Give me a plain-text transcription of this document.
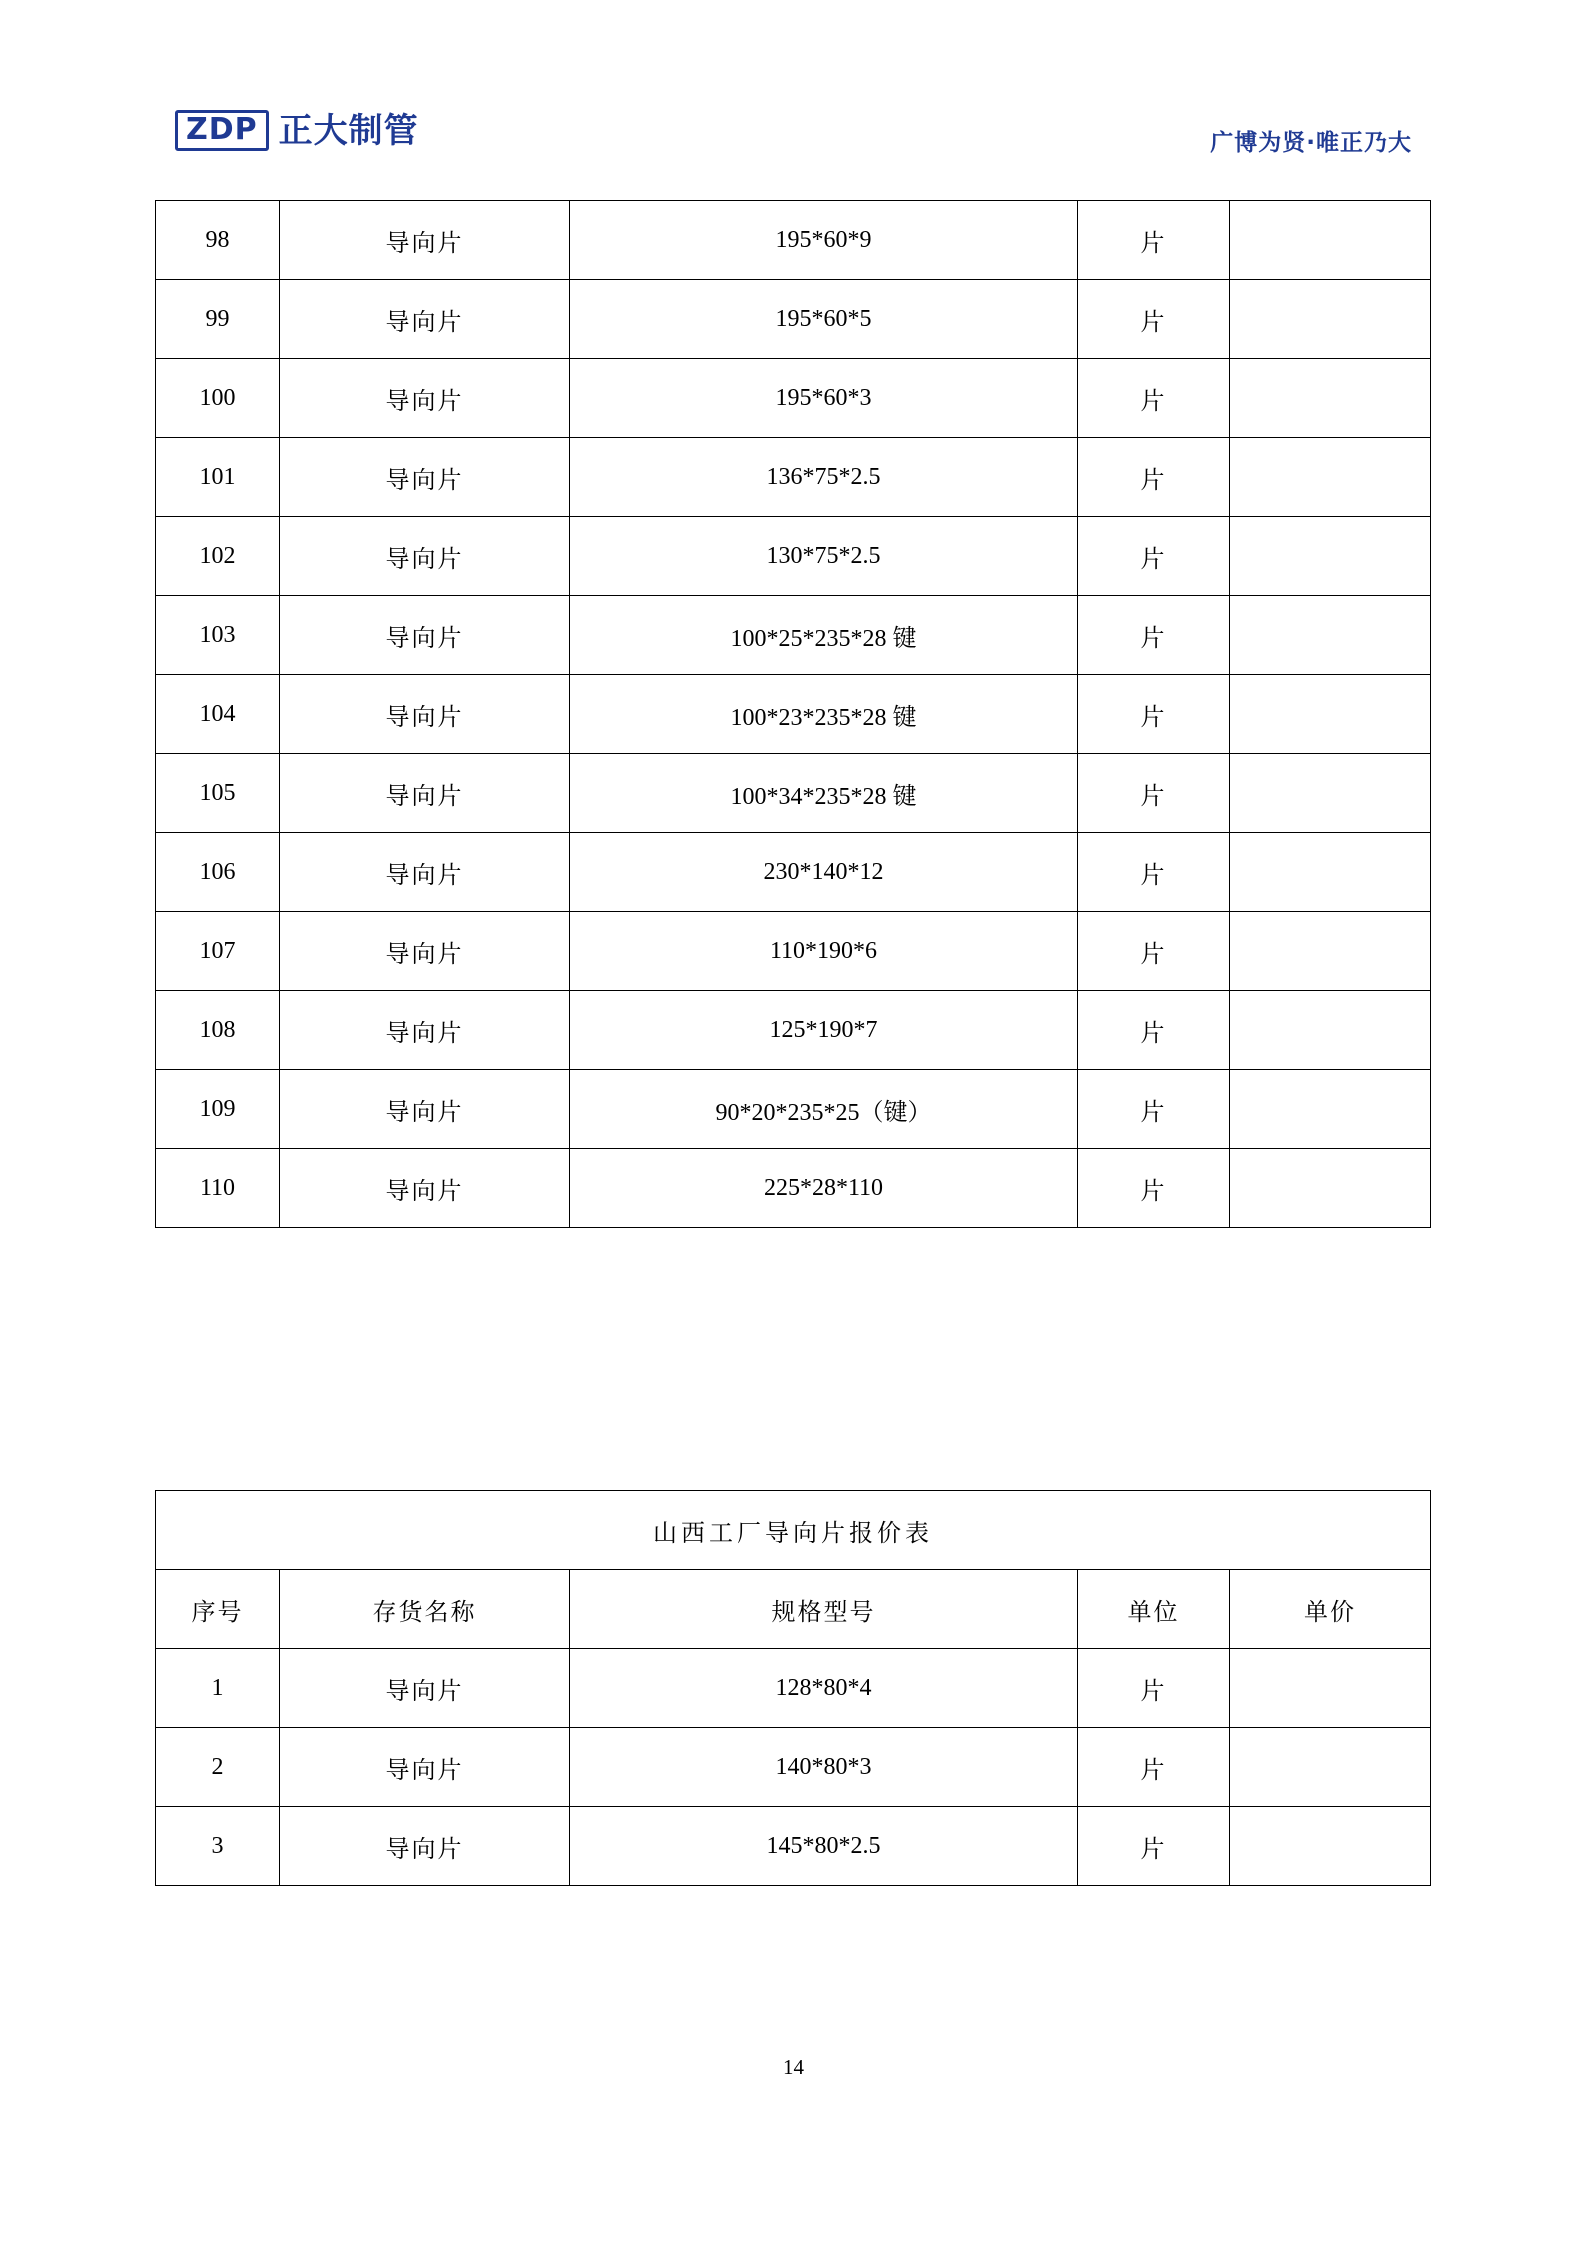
ZDP 正大制管	广博为贤·唯正乃大
98	导向片	195*60*9	片	
99	导向片	195*60*5	片	
100	导向片	195*60*3	片	
101	导向片	136*75*2.5	片	
102	导向片	130*75*2.5	片	
103	导向片	100*25*235*28 键	片	
104	导向片	100*23*235*28 键	片	
105	导向片	100*34*235*28 键	片	
106	导向片	230*140*12	片	
107	导向片	110*190*6	片	
108	导向片	125*190*7	片	
109	导向片	90*20*235*25（键）	片	
110	导向片	225*28*110	片	
山西工厂导向片报价表				
序号	存货名称	规格型号	单位	单价
1	导向片	128*80*4	片	
2	导向片	140*80*3	片	
3	导向片	145*80*2.5	片	
14
